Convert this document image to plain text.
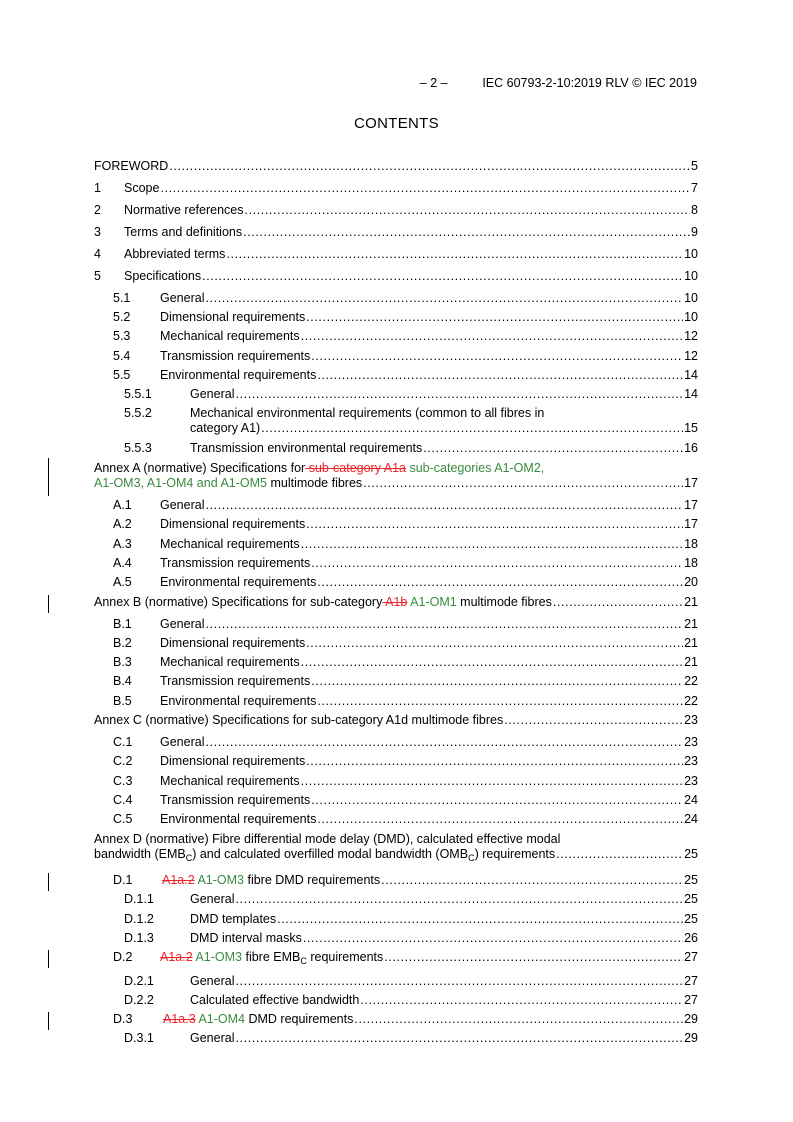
– 2 –	IEC 60793-2-10:2019 RLV © IEC 2019
CONTENTS
FOREWORD .....	5
1 Scope .....	7
2 Normative references .....	8
3 Terms and definitions .....	9
4 Abbreviated terms .....	10
5 Specifications .....	10
5.1 General .....	10
5.2 Dimensional requirements .....	10
5.3 Mechanical requirements .....	12
5.4 Transmission requirements .....	12
5.5 Environmental requirements .....	14
5.5.1	General .....	14
5.5.2	Mechanical environmental requirements (common to all fibres in
category A1) .....	15
5.5.3	Transmission environmental requirements .....	16
Annex A (normative) Specifications for sub-category A1a sub-categories A1-OM2,
A1-OM3, A1-OM4 and A1-OM5 multimode fibres .....	17
A.1 General .....	17
A.2 Dimensional requirements .....	17
A.3 Mechanical requirements .....	18
A.4 Transmission requirements .....	18
A.5 Environmental requirements .....	20
Annex B (normative) Specifications for sub-category A1b A1-OM1 multimode fibres .....	21
B.1 General .....	21
B.2 Dimensional requirements .....	21
B.3 Mechanical requirements .....	21
B.4 Transmission requirements .....	22
B.5 Environmental requirements .....	22
Annex C (normative) Specifications for sub-category A1d multimode fibres .....	23
C.1 General .....	23
C.2 Dimensional requirements .....	23
C.3 Mechanical requirements .....	23
C.4 Transmission requirements .....	24
C.5 Environmental requirements .....	24
Annex D (normative) Fibre differential mode delay (DMD), calculated effective modal
bandwidth $(EMB_C)$ and calculated overfilled modal bandwidth $(OMB_C)$ requirements .....	25
D.1 A1a.2 A1-OM3 fibre DMD requirements .....	25
D.1.1	General .....	25
D.1.2	DMD templates .....	25
D.1.3	DMD interval masks .....	26
D.2 A1a.2 A1-OM3 fibre $EMB_C$ requirements .....	27
D.2.1	General .....	27
D.2.2	Calculated effective bandwidth .....	27
D.3 A1a.3 A1-OM4 DMD requirements .....	29
D.3.1	General .....	29
